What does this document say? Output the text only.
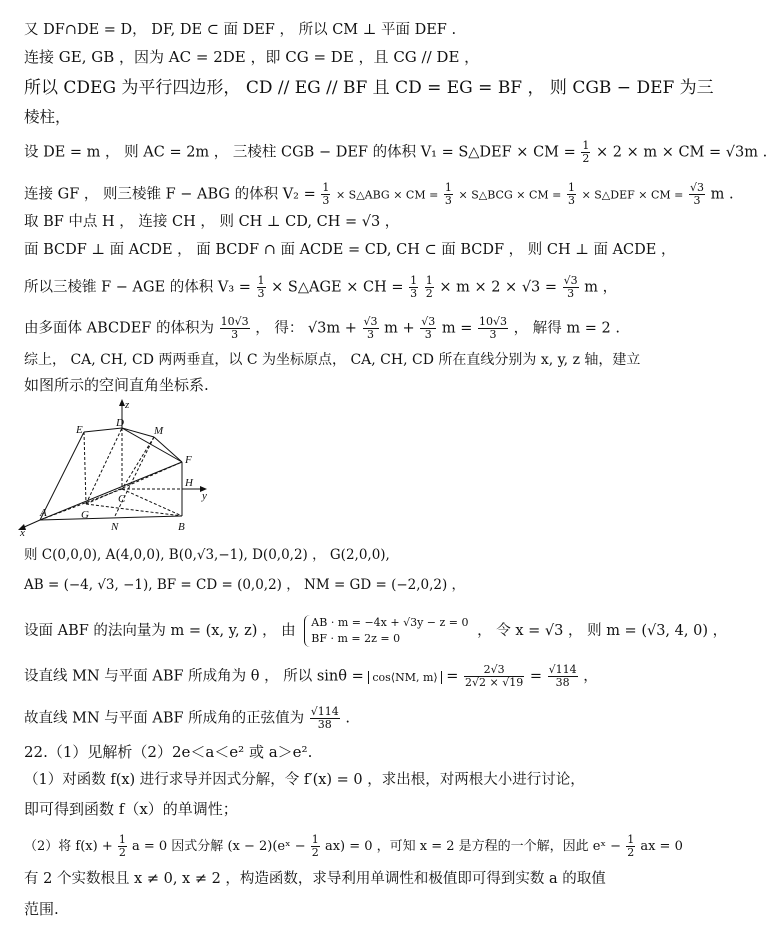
又 DF∩DE = D， DF, DE ⊂ 面 DEF ， 所以 CM ⊥ 平面 DEF .
连接 GE, GB ，因为 AC = 2DE ，即 CG = DE ，且 CG // DE ，
所以 CDEG 为平行四边形， CD // EG // BF 且 CD = EG = BF ， 则 CGB − DEF 为三
棱柱，
设 DE = m ， 则 AC = 2m ， 三棱柱 CGB − DEF 的体积 V₁ = S△DEF × CM = $\frac{1}{2} \times 2 \times m$ × CM = √3m .
连接 GF ， 则三棱锥 F − ABG 的体积 $V_2 = \frac{1}{3}$ × S△ABG × CM = $\frac{1}{3}$ × S△BCG × CM = $\frac{1}{3}$ × S△DEF × CM = $\frac{√3}{3}$ m .
取 BF 中点 H ， 连接 CH ， 则 CH ⊥ CD, CH = √3 ，
面 BCDF ⊥ 面 ACDE ， 面 BCDF ∩ 面 ACDE = CD, CH ⊂ 面 BCDF ， 则 CH ⊥ 面 ACDE ，
所以三棱锥 F − AGE 的体积 $V_3 = \frac{1}{3}$ × S△AGE × CH = $\frac{1}{3}$
$\frac{1}{2} \times m \times 2 \times √3 = \frac{√3}{3}$ m ，
由多面体 ABCDEF 的体积为 $\frac{10√3}{3}$ ， 得： $√3m + \frac{√3}{3}$ $m + \frac{√3}{3}$ $m = \frac{10√3}{3}$ ， 解得 m = 2 .
综上， CA, CH, CD 两两垂直，以 C 为坐标原点， CA, CH, CD 所在直线分别为 x, y, z 轴，建立
如图所示的空间直角坐标系.
z
D
E	M
F
H
y
C
A	G
N	B
x
则 C(0,0,0), A(4,0,0), B(0,√3,−1), D(0,0,2) ， G(2,0,0),
AB = (−4, √3, −1), BF = CD = (0,0,2) ， NM = GD = (−2,0,2) ，
设面 ABF 的法向量为 m = (x, y, z) ， 由
AB · m = −4x + √3y − z = 0
BF · m = 2z = 0	， 令 x = √3 ， 则 m = (√3, 4, 0) ，
设直线 MN 与平面 ABF 所成角为 θ ， 所以 sinθ = cos⟨NM, m⟩ = $\frac{2√3}{2√2 \times √19} = \frac{√114}{38}$ ，
故直线 MN 与平面 ABF 所成角的正弦值为 $\frac{√114}{38}$ .
22.（1）见解析（2）2e＜a＜e² 或 a＞e².
（1）对函数 f(x) 进行求导并因式分解，令 f′(x) = 0 ，求出根，对两根大小进行讨论，
即可得到函数 f（x）的单调性；
（2）将 $f(x) + \frac{1}{2}$ a = 0 因式分解 (x − 2)(eˣ − $\frac{1}{2} ax) = 0$ ，可知 x = 2 是方程的一个解，因此 eˣ − $\frac{1}{2}$ ax = 0
有 2 个实数根且 x ≠ 0, x ≠ 2 ，构造函数，求导利用单调性和极值即可得到实数 a 的取值
范围.
